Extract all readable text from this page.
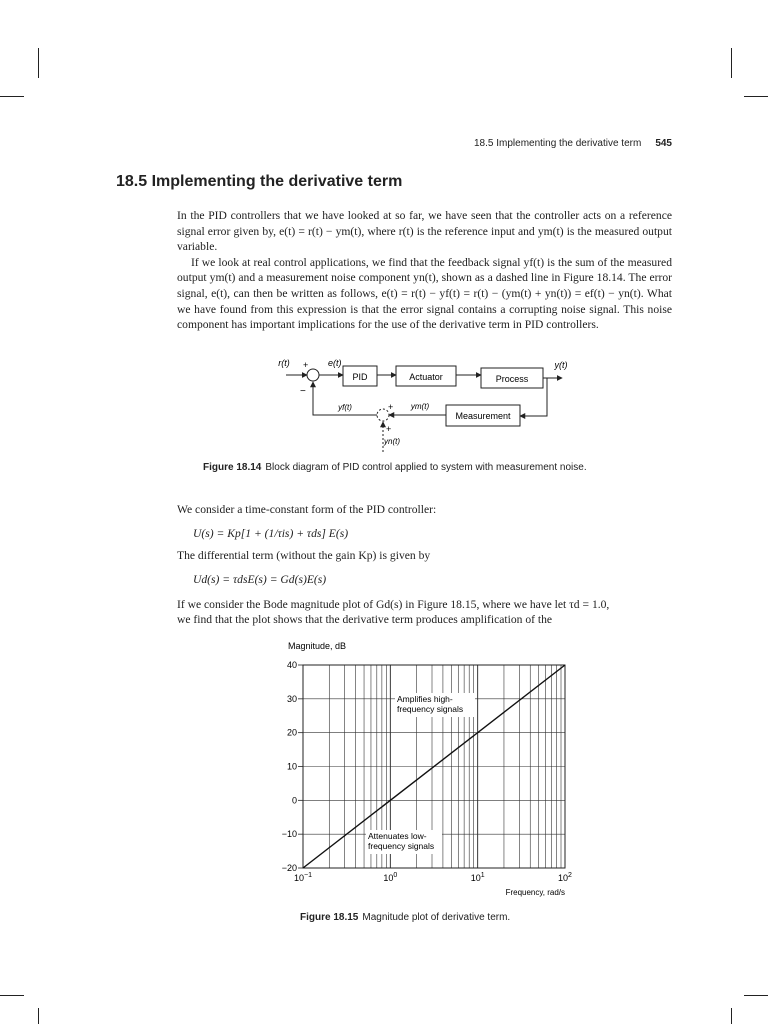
18.5 Implementing the derivative term 545
18.5 Implementing the derivative term

In the PID controllers that we have looked at so far, we have seen that the controller acts on a reference signal error given by, e(t) = r(t) − ym(t), where r(t) is the reference input and ym(t) is the measured output variable.

If we look at real control applications, we find that the feedback signal yf(t) is the sum of the measured output ym(t) and a measurement noise component yn(t), shown as a dashed line in Figure 18.14. The error signal, e(t), can then be written as follows, e(t) = r(t) − yf(t) = r(t) − (ym(t) + yn(t)) = ef(t) − yn(t). What we have found from this expression is that the error signal contains a corrupting noise signal. This noise component has important implications for the use of the derivative term in PID controllers.

r(t) +
−
e(t)
PID	Actuator	Process
y(t)
yf(t)	+ ym(t)
+
Measurement
yn(t)
Figure 18.14 Block diagram of PID control applied to system with measurement noise.
We consider a time-constant form of the PID controller:
U(s) = Kp[1 + (1/τis) + τds] E(s)
The differential term (without the gain Kp) is given by
Ud(s) = τdsE(s) = Gd(s)E(s)
If we consider the Bode magnitude plot of Gd(s) in Figure 18.15, where we have let τd = 1.0,
we find that the plot shows that the derivative term produces amplification of the
Magnitude, dB
40
30
20
10
0
−10
−20
$10^{-1}$	$10^0$	$10^1$	$10^2$
Amplifies high-
frequency signals
Attenuates low-
frequency signals
Frequency, rad/s
Figure 18.15 Magnitude plot of derivative term.
